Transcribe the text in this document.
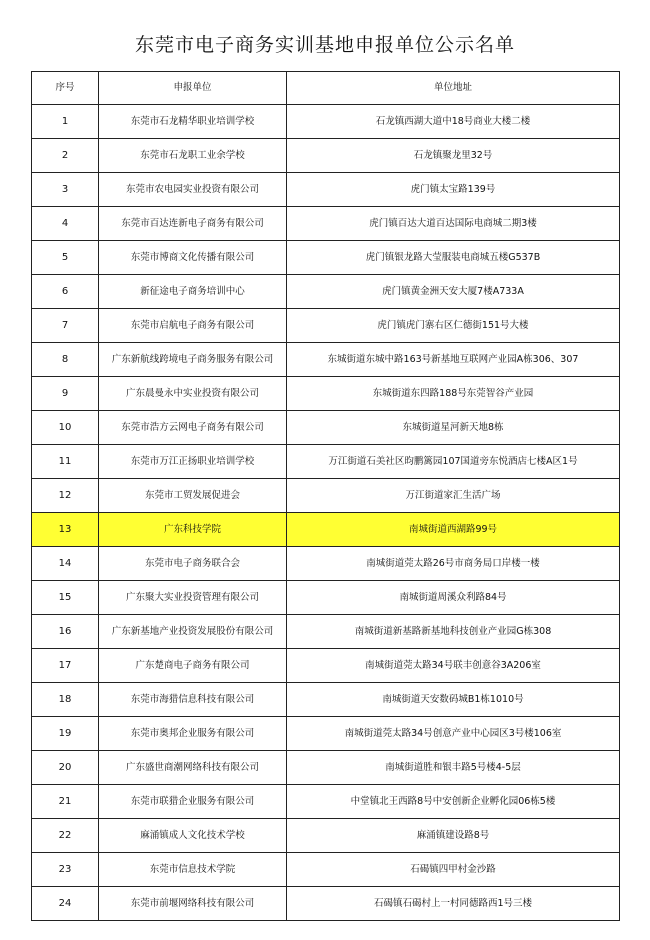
东莞市电子商务实训基地申报单位公示名单
序号	申报单位	单位地址
1	东莞市石龙精华职业培训学校	石龙镇西湖大道中18号商业大楼二楼
2	东莞市石龙职工业余学校	石龙镇聚龙里32号
3	东莞市农电园实业投资有限公司	虎门镇太宝路139号
4	东莞市百达连新电子商务有限公司	虎门镇百达大道百达国际电商城二期3楼
5	东莞市博商文化传播有限公司	虎门镇银龙路大莹服装电商城五楼G537B
6	新征途电子商务培训中心	虎门镇黄金洲天安大厦7楼A733A
7	东莞市启航电子商务有限公司	虎门镇虎门寨右区仁德街151号大楼
8	广东新航线跨境电子商务服务有限公司	东城街道东城中路163号新基地互联网产业园A栋306、307
9	广东晨曼永中实业投资有限公司	东城街道东四路188号东莞智谷产业园
10	东莞市浩方云网电子商务有限公司	东城街道星河新天地8栋
11	东莞市万江正扬职业培训学校	万江街道石美社区昀鹏篱园107国道旁东悦酒店七楼A区1号
12	东莞市工贸发展促进会	万江街道家汇生活广场
13	广东科技学院	南城街道西湖路99号
14	东莞市电子商务联合会	南城街道莞太路26号市商务局口岸楼一楼
15	广东聚大实业投资管理有限公司	南城街道周溪众利路84号
16	广东新基地产业投资发展股份有限公司	南城街道新基路新基地科技创业产业园G栋308
17	广东楚商电子商务有限公司	南城街道莞太路34号联丰创意谷3A206室
18	东莞市海猎信息科技有限公司	南城街道天安数码城B1栋1010号
19	东莞市奥邦企业服务有限公司	南城街道莞太路34号创意产业中心园区3号楼106室
20	广东盛世商潮网络科技有限公司	南城街道胜和银丰路5号楼4-5层
21	东莞市联猎企业服务有限公司	中堂镇北王西路8号中安创新企业孵化园06栋5楼
22	麻涌镇成人文化技术学校	麻涌镇建设路8号
23	东莞市信息技术学院	石碣镇四甲村金沙路
24	东莞市前堰网络科技有限公司	石碣镇石碣村上一村同德路西1号三楼
